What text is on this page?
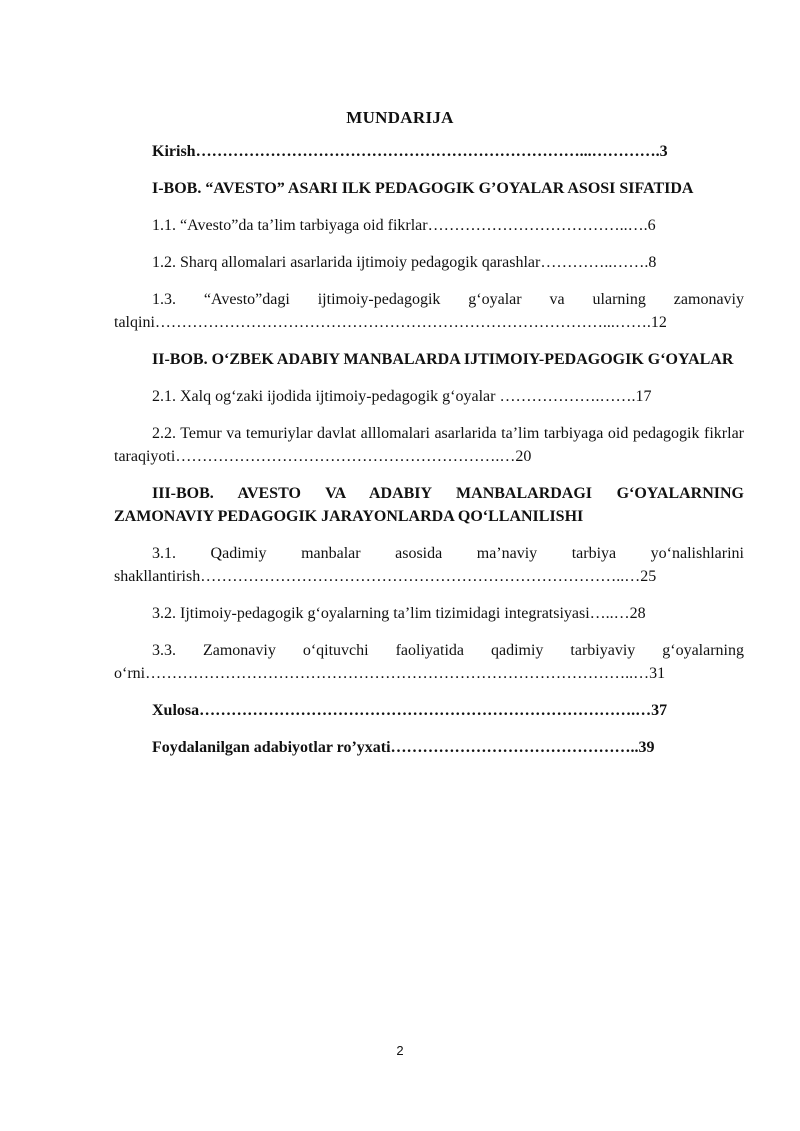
MUNDARIJA

Kirish………………………………………………………………...………….3

I-BOB. “AVESTO” ASARI ILK PEDAGOGIK G’OYALAR ASOSI SIFATIDA

1.1. “Avesto”da ta’lim tarbiyaga oid fikrlar………………………………..….6

1.2. Sharq allomalari asarlarida ijtimoiy pedagogik qarashlar…………..…….8

1.3. “Avesto”dagi ijtimoiy-pedagogik g‘oyalar va ularning zamonaviy talqini…………………………………………………………………………...…….12

II-BOB. O‘ZBEK ADABIY MANBALARDA IJTIMOIY-PEDAGOGIK G‘OYALAR

2.1. Xalq og‘zaki ijodida ijtimoiy-pedagogik g‘oyalar ……………….…….17

2.2. Temur va temuriylar davlat alllomalari asarlarida ta’lim tarbiyaga oid pedagogik fikrlar taraqiyoti…………………………………………………….…20

III-BOB. AVESTO VA ADABIY MANBALARDAGI G‘OYALARNING ZAMONAVIY PEDAGOGIK JARAYONLARDA QO‘LLANILISHI

3.1. Qadimiy manbalar asosida ma’naviy tarbiya yo‘nalishlarini shakllantirish……………………………………………………………………..…25

3.2. Ijtimoiy-pedagogik g‘oyalarning ta’lim tizimidagi integratsiyasi…..…28

3.3. Zamonaviy o‘qituvchi faoliyatida qadimiy tarbiyaviy g‘oyalarning o‘rni………………………………………………………………………………..…31

Xulosa……………………………………………………………………….…37

Foydalanilgan adabiyotlar ro’yxati………………………………………..39

2
